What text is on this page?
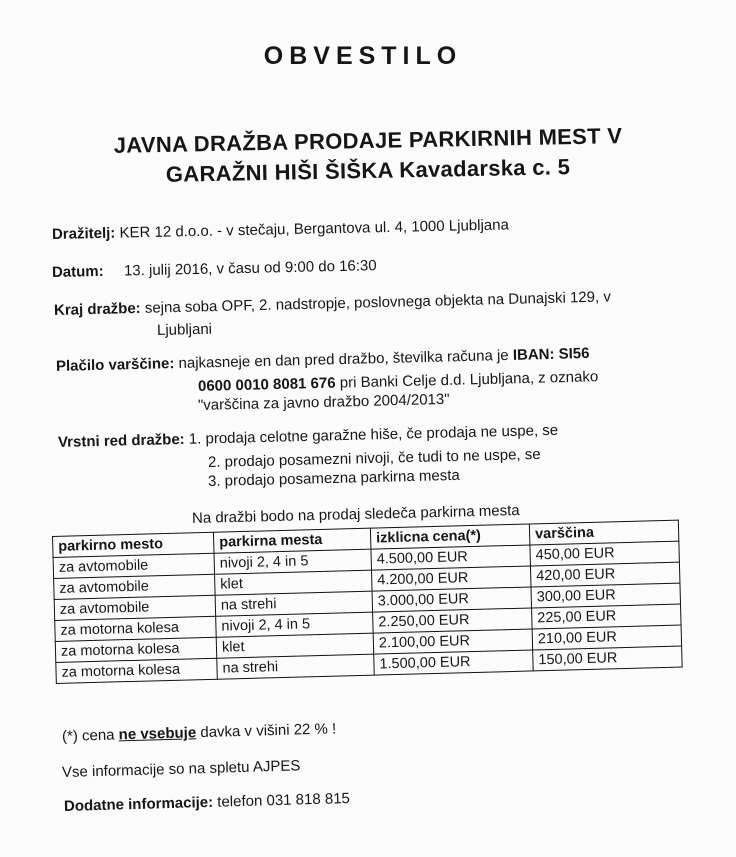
OBVESTILO
JAVNA DRAŽBA PRODAJE PARKIRNIH MEST V
GARAŽNI HIŠI ŠIŠKA Kavadarska c. 5
Dražitelj: KER 12 d.o.o. - v stečaju, Bergantova ul. 4, 1000 Ljubljana
Datum: 13. julij 2016, v času od 9:00 do 16:30
Kraj dražbe: sejna soba OPF, 2. nadstropje, poslovnega objekta na Dunajski 129, v
Ljubljani
Plačilo varščine: najkasneje en dan pred dražbo, številka računa je IBAN: SI56
0600 0010 8081 676 pri Banki Celje d.d. Ljubljana, z oznako
"varščina za javno dražbo 2004/2013"
Vrstni red dražbe: 1. prodaja celotne garažne hiše, če prodaja ne uspe, se
2. prodajo posamezni nivoji, če tudi to ne uspe, se
3. prodajo posamezna parkirna mesta
Na dražbi bodo na prodaj sledeča parkirna mesta
parkirno mesto	parkirna mesta	izklicna cena(*)	varščina
za avtomobile	nivoji 2, 4 in 5	4.500,00 EUR	450,00 EUR
za avtomobile	klet	4.200,00 EUR	420,00 EUR
za avtomobile	na strehi	3.000,00 EUR	300,00 EUR
za motorna kolesa	nivoji 2, 4 in 5	2.250,00 EUR	225,00 EUR
za motorna kolesa	klet	2.100,00 EUR	210,00 EUR
za motorna kolesa	na strehi	1.500,00 EUR	150,00 EUR
(*) cena ne vsebuje davka v višini 22 % !
Vse informacije so na spletu AJPES
Dodatne informacije: telefon 031 818 815
